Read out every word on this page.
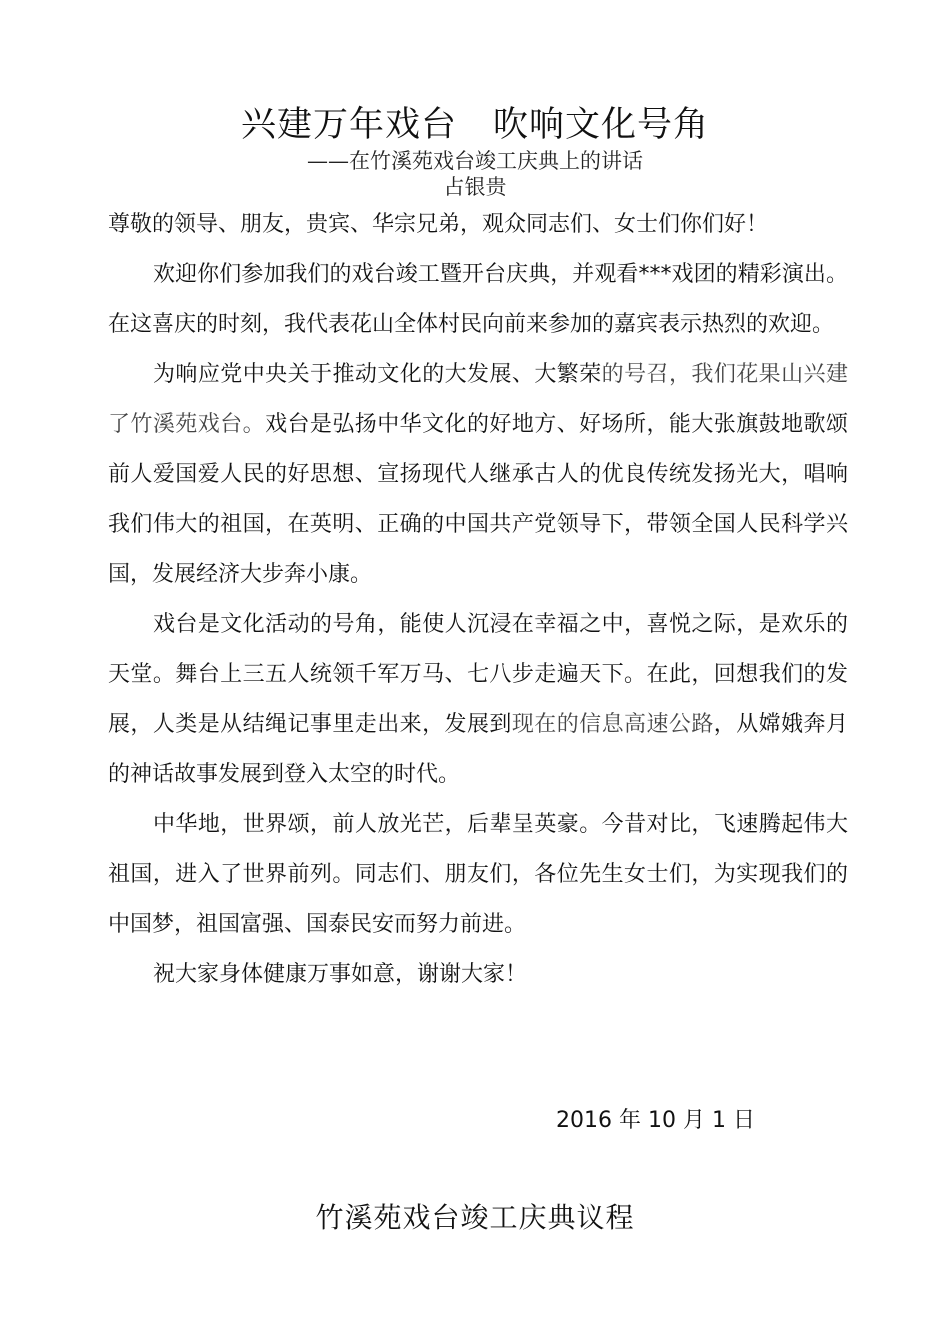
兴建万年戏台　吹响文化号角
——在竹溪苑戏台竣工庆典上的讲话
占银贵

尊敬的领导、朋友，贵宾、华宗兄弟，观众同志们、女士们你们好！

欢迎你们参加我们的戏台竣工暨开台庆典，并观看***戏团的精彩演出。在这喜庆的时刻，我代表花山全体村民向前来参加的嘉宾表示热烈的欢迎。

为响应党中央关于推动文化的大发展、大繁荣的号召，我们花果山兴建了竹溪苑戏台。戏台是弘扬中华文化的好地方、好场所，能大张旗鼓地歌颂前人爱国爱人民的好思想、宣扬现代人继承古人的优良传统发扬光大，唱响我们伟大的祖国，在英明、正确的中国共产党领导下，带领全国人民科学兴国，发展经济大步奔小康。

戏台是文化活动的号角，能使人沉浸在幸福之中，喜悦之际，是欢乐的天堂。舞台上三五人统领千军万马、七八步走遍天下。在此，回想我们的发展，人类是从结绳记事里走出来，发展到现在的信息高速公路，从嫦娥奔月的神话故事发展到登入太空的时代。

中华地，世界颂，前人放光芒，后辈呈英豪。今昔对比，飞速腾起伟大祖国，进入了世界前列。同志们、朋友们，各位先生女士们，为实现我们的中国梦，祖国富强、国泰民安而努力前进。

祝大家身体健康万事如意，谢谢大家！

2016 年 10 月 1 日
竹溪苑戏台竣工庆典议程
